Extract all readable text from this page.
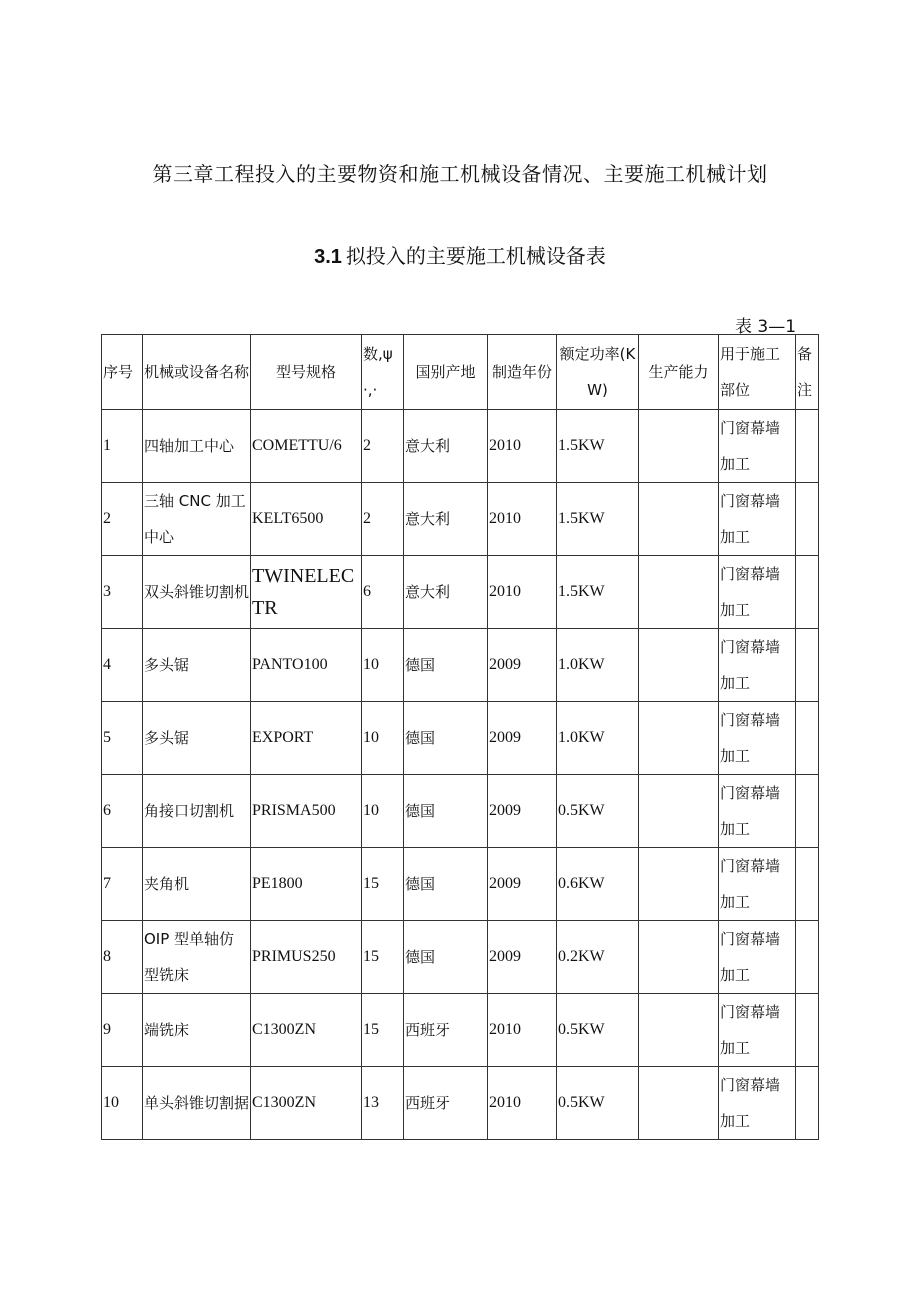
第三章工程投入的主要物资和施工机械设备情况、主要施工机械计划
3.1 拟投入的主要施工机械设备表
表 3—1
序号	机械或设备名称	型号规格	数,ψ·,·	国别产地	制造年份	额定功率(KW)	生产能力	用于施工部位	备注
1	四轴加工中心	COMETTU/6	2	意大利	2010	1.5KW		门窗幕墙加工	
2	三轴 CNC 加工中心	KELT6500	2	意大利	2010	1.5KW		门窗幕墙加工	
3	双头斜锥切割机	TWINELECTR	6	意大利	2010	1.5KW		门窗幕墙加工	
4	多头锯	PANTO100	10	德国	2009	1.0KW		门窗幕墙加工	
5	多头锯	EXPORT	10	德国	2009	1.0KW		门窗幕墙加工	
6	角接口切割机	PRISMA500	10	德国	2009	0.5KW		门窗幕墙加工	
7	夹角机	PE1800	15	德国	2009	0.6KW		门窗幕墙加工	
8	OIP 型单轴仿型铣床	PRIMUS250	15	德国	2009	0.2KW		门窗幕墙加工	
9	端铣床	C1300ZN	15	西班牙	2010	0.5KW		门窗幕墙加工	
10	单头斜锥切割据	C1300ZN	13	西班牙	2010	0.5KW		门窗幕墙加工	
